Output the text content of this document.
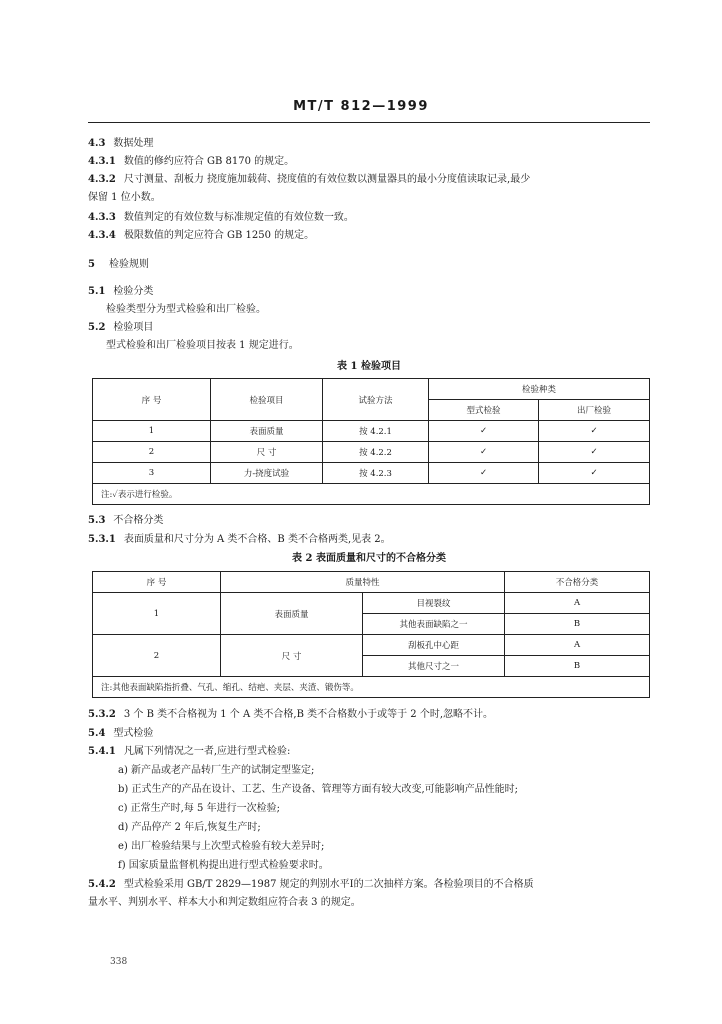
MT/T 812—1999
4.3 数据处理
4.3.1 数值的修约应符合 GB 8170 的规定。
4.3.2 尺寸测量、刮板力 挠度施加载荷、挠度值的有效位数以测量器具的最小分度值读取记录,最少
保留 1 位小数。
4.3.3 数值判定的有效位数与标准规定值的有效位数一致。
4.3.4 极限数值的判定应符合 GB 1250 的规定。
5 检验规则
5.1 检验分类
检验类型分为型式检验和出厂检验。
5.2 检验项目
型式检验和出厂检验项目按表 1 规定进行。
表 1 检验项目
序 号	检验项目	试验方法	检验种类	
			型式检验	出厂检验
1	表面质量	按 4.2.1	✓	✓
2	尺 寸	按 4.2.2	✓	✓
3	力-挠度试验	按 4.2.3	✓	✓
注:✓表示进行检验。				
5.3 不合格分类
5.3.1 表面质量和尺寸分为 A 类不合格、B 类不合格两类,见表 2。
表 2 表面质量和尺寸的不合格分类
序 号	质量特性		不合格分类
1	表面质量	目视裂纹	A
		其他表面缺陷之一	B
2	尺 寸	刮板孔中心距	A
		其他尺寸之一	B
注:其他表面缺陷指折叠、气孔、缩孔、结疤、夹层、夹渣、锻伤等。			
5.3.2 3 个 B 类不合格视为 1 个 A 类不合格,B 类不合格数小于或等于 2 个时,忽略不计。
5.4 型式检验
5.4.1 凡属下列情况之一者,应进行型式检验:
a) 新产品或老产品转厂生产的试制定型鉴定;
b) 正式生产的产品在设计、工艺、生产设备、管理等方面有较大改变,可能影响产品性能时;
c) 正常生产时,每 5 年进行一次检验;
d) 产品停产 2 年后,恢复生产时;
e) 出厂检验结果与上次型式检验有较大差异时;
f) 国家质量监督机构提出进行型式检验要求时。
5.4.2 型式检验采用 GB/T 2829—1987 规定的判别水平Ⅰ的二次抽样方案。各检验项目的不合格质
量水平、判别水平、样本大小和判定数组应符合表 3 的规定。
338
